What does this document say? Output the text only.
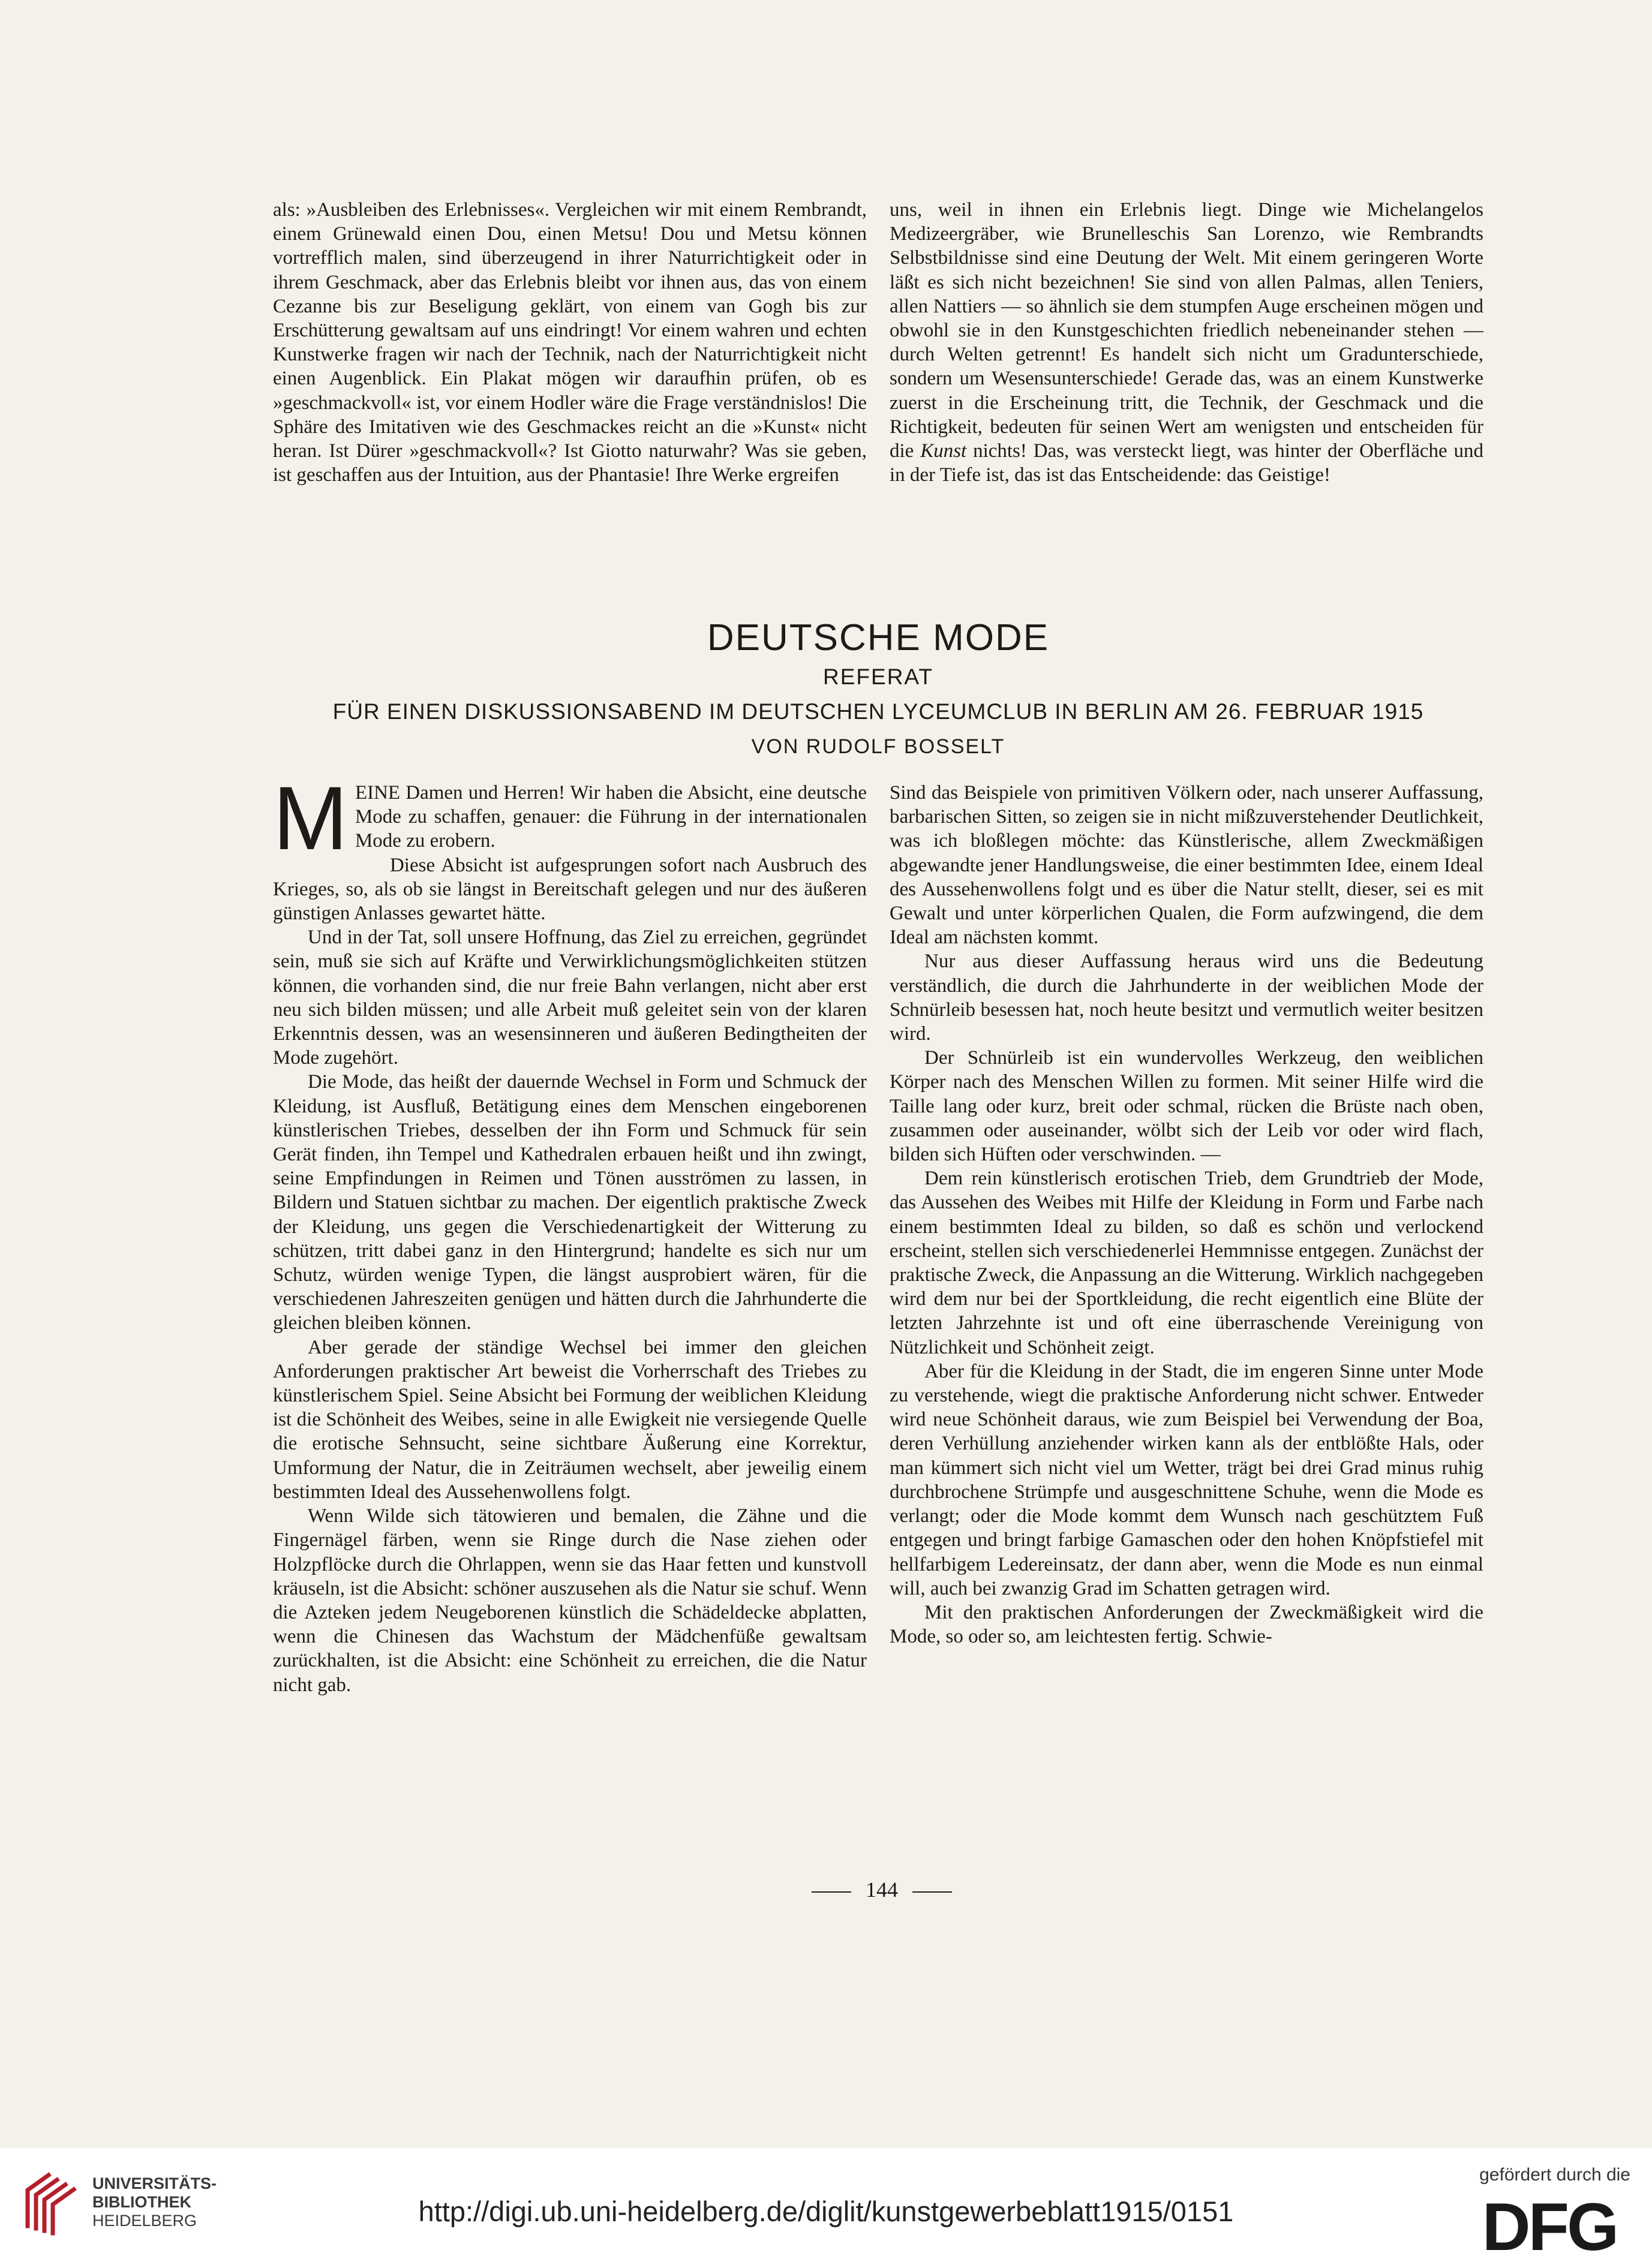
als: »Ausbleiben des Erlebnisses«. Vergleichen wir mit einem Rembrandt, einem Grünewald einen Dou, einen Metsu! Dou und Metsu können vortrefflich malen, sind überzeugend in ihrer Naturrichtigkeit oder in ihrem Geschmack, aber das Erlebnis bleibt vor ihnen aus, das von einem Cezanne bis zur Beseligung geklärt, von einem van Gogh bis zur Erschütterung gewaltsam auf uns eindringt! Vor einem wahren und echten Kunstwerke fragen wir nach der Technik, nach der Naturrichtigkeit nicht einen Augenblick. Ein Plakat mögen wir daraufhin prüfen, ob es »geschmackvoll« ist, vor einem Hodler wäre die Frage verständnislos! Die Sphäre des Imitativen wie des Geschmackes reicht an die »Kunst« nicht heran. Ist Dürer »geschmackvoll«? Ist Giotto naturwahr? Was sie geben, ist geschaffen aus der Intuition, aus der Phantasie! Ihre Werke ergreifen

uns, weil in ihnen ein Erlebnis liegt. Dinge wie Michelangelos Medizeergräber, wie Brunelleschis San Lorenzo, wie Rembrandts Selbstbildnisse sind eine Deutung der Welt. Mit einem geringeren Worte läßt es sich nicht bezeichnen! Sie sind von allen Palmas, allen Teniers, allen Nattiers — so ähnlich sie dem stumpfen Auge erscheinen mögen und obwohl sie in den Kunstgeschichten friedlich nebeneinander stehen — durch Welten getrennt! Es handelt sich nicht um Gradunterschiede, sondern um Wesensunterschiede! Gerade das, was an einem Kunstwerke zuerst in die Erscheinung tritt, die Technik, der Geschmack und die Richtigkeit, bedeuten für seinen Wert am wenigsten und entscheiden für die Kunst nichts! Das, was versteckt liegt, was hinter der Oberfläche und in der Tiefe ist, das ist das Entscheidende: das Geistige!

DEUTSCHE MODE
REFERAT
FÜR EINEN DISKUSSIONSABEND IM DEUTSCHEN LYCEUMCLUB IN BERLIN AM 26. FEBRUAR 1915
VON RUDOLF BOSSELT

MEINE Damen und Herren! Wir haben die Absicht, eine deutsche Mode zu schaffen, genauer: die Führung in der internationalen Mode zu erobern.

Diese Absicht ist aufgesprungen sofort nach Ausbruch des Krieges, so, als ob sie längst in Bereitschaft gelegen und nur des äußeren günstigen Anlasses gewartet hätte.

Und in der Tat, soll unsere Hoffnung, das Ziel zu erreichen, gegründet sein, muß sie sich auf Kräfte und Verwirklichungsmöglichkeiten stützen können, die vorhanden sind, die nur freie Bahn verlangen, nicht aber erst neu sich bilden müssen; und alle Arbeit muß geleitet sein von der klaren Erkenntnis dessen, was an wesensinneren und äußeren Bedingtheiten der Mode zugehört.

Die Mode, das heißt der dauernde Wechsel in Form und Schmuck der Kleidung, ist Ausfluß, Betätigung eines dem Menschen eingeborenen künstlerischen Triebes, desselben der ihn Form und Schmuck für sein Gerät finden, ihn Tempel und Kathedralen erbauen heißt und ihn zwingt, seine Empfindungen in Reimen und Tönen ausströmen zu lassen, in Bildern und Statuen sichtbar zu machen. Der eigentlich praktische Zweck der Kleidung, uns gegen die Verschiedenartigkeit der Witterung zu schützen, tritt dabei ganz in den Hintergrund; handelte es sich nur um Schutz, würden wenige Typen, die längst ausprobiert wären, für die verschiedenen Jahreszeiten genügen und hätten durch die Jahrhunderte die gleichen bleiben können.

Aber gerade der ständige Wechsel bei immer den gleichen Anforderungen praktischer Art beweist die Vorherrschaft des Triebes zu künstlerischem Spiel. Seine Absicht bei Formung der weiblichen Kleidung ist die Schönheit des Weibes, seine in alle Ewigkeit nie versiegende Quelle die erotische Sehnsucht, seine sichtbare Äußerung eine Korrektur, Umformung der Natur, die in Zeiträumen wechselt, aber jeweilig einem bestimmten Ideal des Aussehenwollens folgt.

Wenn Wilde sich tätowieren und bemalen, die Zähne und die Fingernägel färben, wenn sie Ringe durch die Nase ziehen oder Holzpflöcke durch die Ohrlappen, wenn sie das Haar fetten und kunstvoll kräuseln, ist die Absicht: schöner auszusehen als die Natur sie schuf. Wenn die Azteken jedem Neugeborenen künstlich die Schädeldecke abplatten, wenn die Chinesen das Wachstum der Mädchenfüße gewaltsam zurückhalten, ist die Absicht: eine Schönheit zu erreichen, die die Natur nicht gab.

Sind das Beispiele von primitiven Völkern oder, nach unserer Auffassung, barbarischen Sitten, so zeigen sie in nicht mißzuverstehender Deutlichkeit, was ich bloßlegen möchte: das Künstlerische, allem Zweckmäßigen abgewandte jener Handlungsweise, die einer bestimmten Idee, einem Ideal des Aussehenwollens folgt und es über die Natur stellt, dieser, sei es mit Gewalt und unter körperlichen Qualen, die Form aufzwingend, die dem Ideal am nächsten kommt.

Nur aus dieser Auffassung heraus wird uns die Bedeutung verständlich, die durch die Jahrhunderte in der weiblichen Mode der Schnürleib besessen hat, noch heute besitzt und vermutlich weiter besitzen wird.

Der Schnürleib ist ein wundervolles Werkzeug, den weiblichen Körper nach des Menschen Willen zu formen. Mit seiner Hilfe wird die Taille lang oder kurz, breit oder schmal, rücken die Brüste nach oben, zusammen oder auseinander, wölbt sich der Leib vor oder wird flach, bilden sich Hüften oder verschwinden. —

Dem rein künstlerisch erotischen Trieb, dem Grundtrieb der Mode, das Aussehen des Weibes mit Hilfe der Kleidung in Form und Farbe nach einem bestimmten Ideal zu bilden, so daß es schön und verlockend erscheint, stellen sich verschiedenerlei Hemmnisse entgegen. Zunächst der praktische Zweck, die Anpassung an die Witterung. Wirklich nachgegeben wird dem nur bei der Sportkleidung, die recht eigentlich eine Blüte der letzten Jahrzehnte ist und oft eine überraschende Vereinigung von Nützlichkeit und Schönheit zeigt.

Aber für die Kleidung in der Stadt, die im engeren Sinne unter Mode zu verstehende, wiegt die praktische Anforderung nicht schwer. Entweder wird neue Schönheit daraus, wie zum Beispiel bei Verwendung der Boa, deren Verhüllung anziehender wirken kann als der entblößte Hals, oder man kümmert sich nicht viel um Wetter, trägt bei drei Grad minus ruhig durchbrochene Strümpfe und ausgeschnittene Schuhe, wenn die Mode es verlangt; oder die Mode kommt dem Wunsch nach geschütztem Fuß entgegen und bringt farbige Gamaschen oder den hohen Knöpfstiefel mit hellfarbigem Ledereinsatz, der dann aber, wenn die Mode es nun einmal will, auch bei zwanzig Grad im Schatten getragen wird.

Mit den praktischen Anforderungen der Zweckmäßigkeit wird die Mode, so oder so, am leichtesten fertig. Schwie-

144
UNIVERSITÄTS-
BIBLIOTHEK
HEIDELBERG	http://digi.ub.uni-heidelberg.de/diglit/kunstgewerbeblatt1915/0151
gefördert durch die
DFG
